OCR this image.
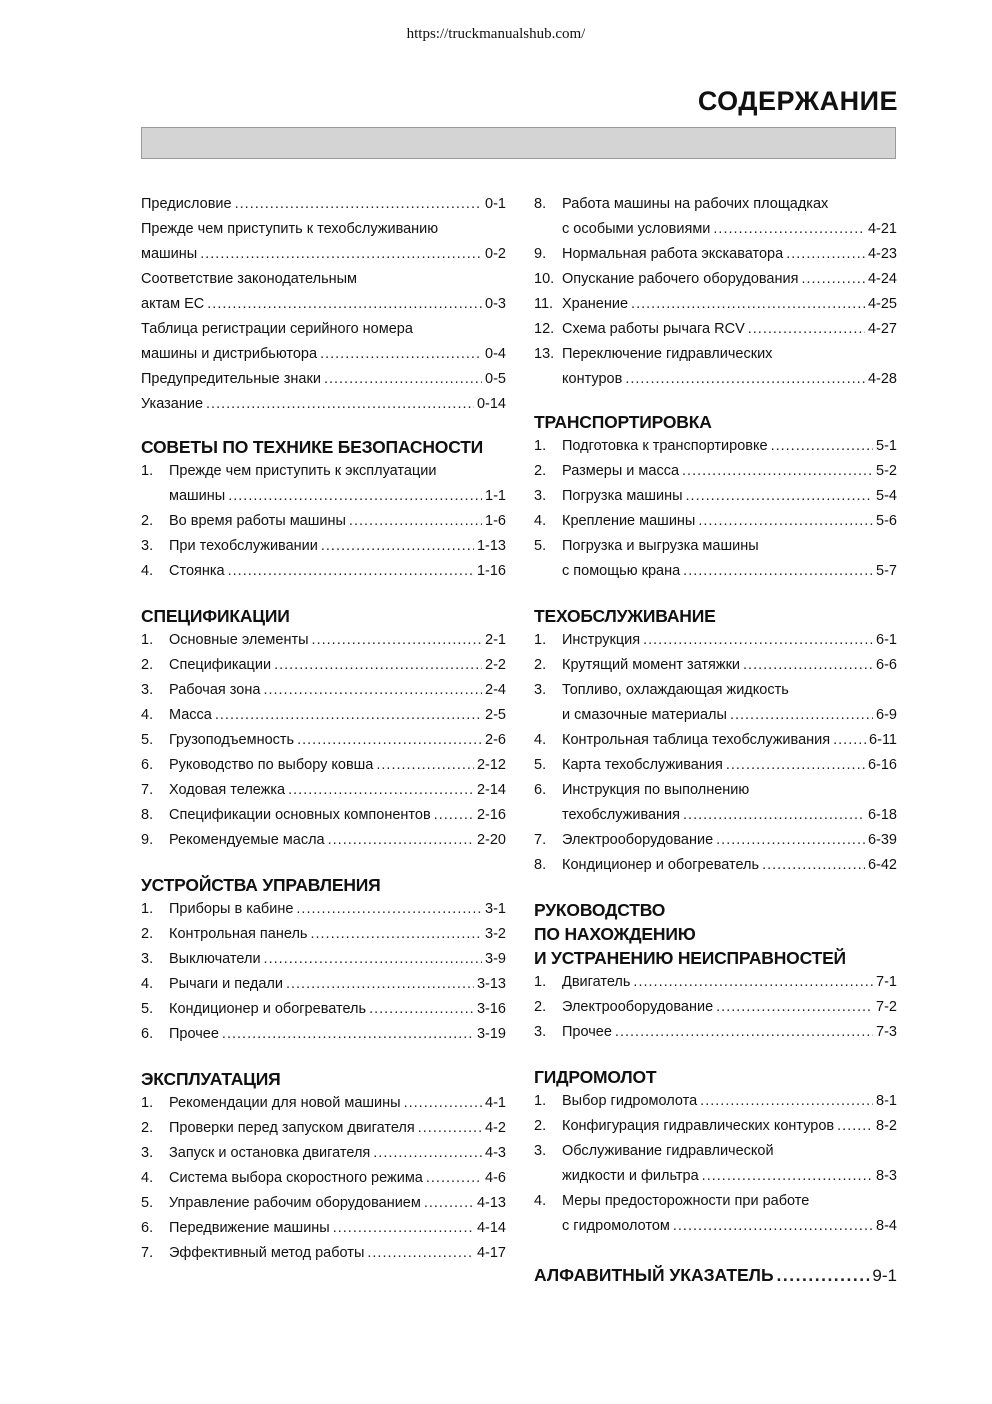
https://truckmanualshub.com/
СОДЕРЖАНИЕ
Предисловие .....	0-1
Прежде чем приступить к техобслуживанию
машины .....	0-2
Соответствие законодательным
актам ЕС .....	0-3
Таблица регистрации серийного номера
машины и дистрибьютора .....	0-4
Предупредительные знаки .....	0-5
Указание .....	0-14
СОВЕТЫ ПО ТЕХНИКЕ БЕЗОПАСНОСТИ
1.	Прежде чем приступить к эксплуатации
машины .....	1-1
2.	Во время работы машины .....	1-6
3.	При техобслуживании .....	1-13
4.	Стоянка .....	1-16
СПЕЦИФИКАЦИИ
1.	Основные элементы .....	2-1
2.	Спецификации .....	2-2
3.	Рабочая зона .....	2-4
4.	Масса .....	2-5
5.	Грузоподъемность .....	2-6
6.	Руководство по выбору ковша .....	2-12
7.	Ходовая тележка .....	2-14
8.	Спецификации основных компонентов .....	2-16
9.	Рекомендуемые масла .....	2-20
УСТРОЙСТВА УПРАВЛЕНИЯ
1.	Приборы в кабине .....	3-1
2.	Контрольная панель .....	3-2
3.	Выключатели .....	3-9
4.	Рычаги и педали .....	3-13
5.	Кондиционер и обогреватель .....	3-16
6.	Прочее .....	3-19
ЭКСПЛУАТАЦИЯ
1.	Рекомендации для новой машины .....	4-1
2.	Проверки перед запуском двигателя .....	4-2
3.	Запуск и остановка двигателя .....	4-3
4.	Система выбора скоростного режима .....	4-6
5.	Управление рабочим оборудованием .....	4-13
6.	Передвижение машины .....	4-14
7.	Эффективный метод работы .....	4-17
8.	Работа машины на рабочих площадках
с особыми условиями .....	4-21
9.	Нормальная работа экскаватора .....	4-23
10. Опускание рабочего оборудования .....	4-24
11. Хранение .....	4-25
12. Схема работы рычага RCV .....	4-27
13. Переключение гидравлических
контуров .....	4-28
ТРАНСПОРТИРОВКА
1.	Подготовка к транспортировке .....	5-1
2.	Размеры и масса .....	5-2
3.	Погрузка машины .....	5-4
4.	Крепление машины .....	5-6
5.	Погрузка и выгрузка машины
с помощью крана .....	5-7
ТЕХОБСЛУЖИВАНИЕ
1.	Инструкция .....	6-1
2.	Крутящий момент затяжки .....	6-6
3.	Топливо, охлаждающая жидкость
и смазочные материалы .....	6-9
4.	Контрольная таблица техобслуживания .....	6-11
5.	Карта техобслуживания .....	6-16
6.	Инструкция по выполнению
техобслуживания .....	6-18
7.	Электрооборудование .....	6-39
8.	Кондиционер и обогреватель .....	6-42
РУКОВОДСТВО
ПО НАХОЖДЕНИЮ
И УСТРАНЕНИЮ НЕИСПРАВНОСТЕЙ
1.	Двигатель .....	7-1
2.	Электрооборудование .....	7-2
3.	Прочее .....	7-3
ГИДРОМОЛОТ
1.	Выбор гидромолота .....	8-1
2.	Конфигурация гидравлических контуров .....	8-2
3.	Обслуживание гидравлической
жидкости и фильтра .....	8-3
4.	Меры предосторожности при работе
с гидромолотом .....	8-4
АЛФАВИТНЫЙ УКАЗАТЕЛЬ .....	9-1
